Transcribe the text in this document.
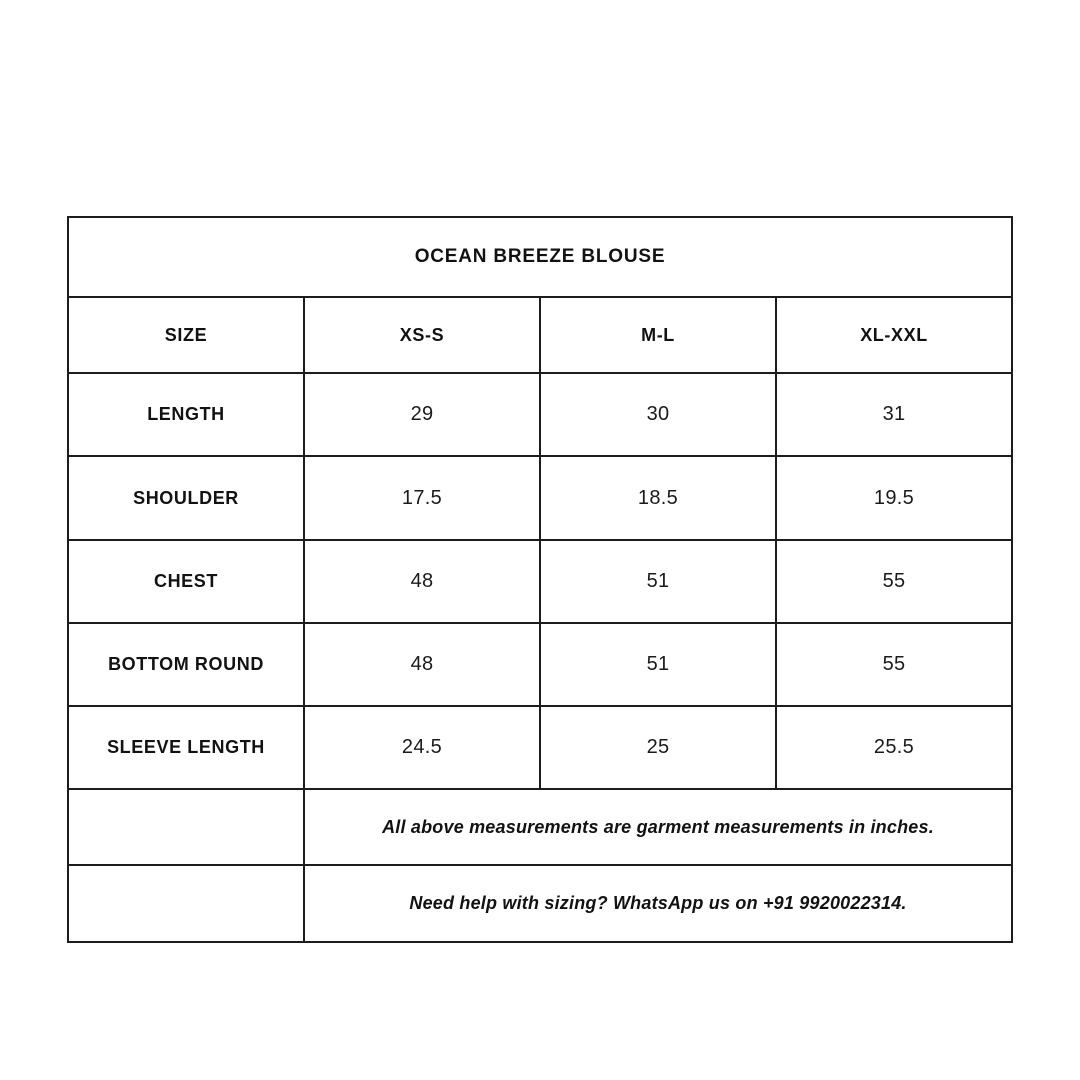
OCEAN BREEZE BLOUSE			
SIZE	XS-S	M-L	XL-XXL
LENGTH	29	30	31
SHOULDER	17.5	18.5	19.5
CHEST	48	51	55
BOTTOM ROUND	48	51	55
SLEEVE LENGTH	24.5	25	25.5
	All above measurements are garment measurements in inches.		
	Need help with sizing? WhatsApp us on +91 9920022314.		
